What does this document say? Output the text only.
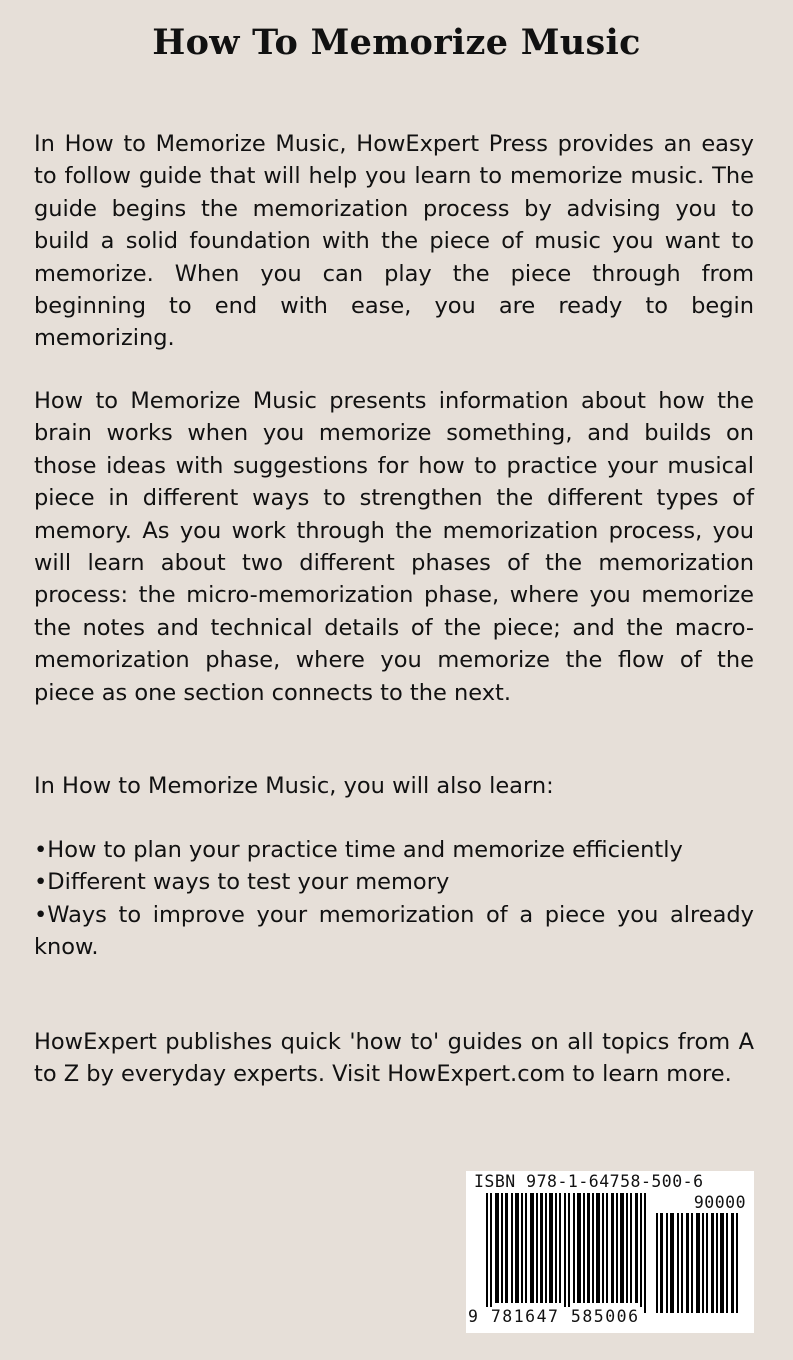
How To Memorize Music

In How to Memorize Music, HowExpert Press provides an easy to follow guide that will help you learn to memorize music. The guide begins the memorization process by advising you to build a solid foundation with the piece of music you want to memorize. When you can play the piece through from beginning to end with ease, you are ready to begin memorizing.

How to Memorize Music presents information about how the brain works when you memorize something, and builds on those ideas with suggestions for how to practice your musical piece in different ways to strengthen the different types of memory. As you work through the memorization process, you will learn about two different phases of the memorization process: the micro-memorization phase, where you memorize the notes and technical details of the piece; and the macro-memorization phase, where you memorize the flow of the piece as one section connects to the next.

In How to Memorize Music, you will also learn:

•How to plan your practice time and memorize efficiently
•Different ways to test your memory
•Ways to improve your memorization of a piece you already know.

HowExpert publishes quick 'how to' guides on all topics from A to Z by everyday experts. Visit HowExpert.com to learn more.

ISBN 978-1-64758-500-6
90000
9 781647 585006
